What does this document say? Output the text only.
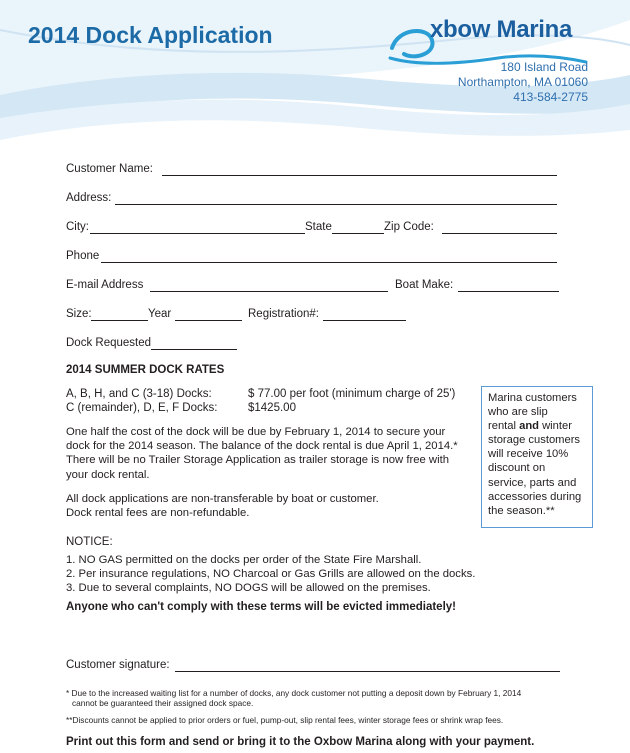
2014 Dock Application	xbow Marina
180 Island Road
Northampton, MA 01060
413-584-2775
Customer Name:
Address:
City:	State	Zip Code:
Phone
E-mail Address	Boat Make:
Size:	Year	Registration#:
Dock Requested
2014 SUMMER DOCK RATES
A, B, H, and C (3-18) Docks:	$ 77.00 per foot (minimum charge of 25')
C (remainder), D, E, F Docks:	$1425.00
One half the cost of the dock will be due by February 1, 2014 to secure your
dock for the 2014 season. The balance of the dock rental is due April 1, 2014.*
There will be no Trailer Storage Application as trailer storage is now free with
your dock rental.
All dock applications are non-transferable by boat or customer.
Dock rental fees are non-refundable.
Marina customers
who are slip
rental and winter
storage customers
will receive 10%
discount on
service, parts and
accessories during
the season.**
NOTICE:
1. NO GAS permitted on the docks per order of the State Fire Marshall.
2. Per insurance regulations, NO Charcoal or Gas Grills are allowed on the docks.
3. Due to several complaints, NO DOGS will be allowed on the premises.
Anyone who can't comply with these terms will be evicted immediately!
Customer signature:
* Due to the increased waiting list for a number of docks, any dock customer not putting a deposit down by February 1, 2014
cannot be guaranteed their assigned dock space.
**Discounts cannot be applied to prior orders or fuel, pump-out, slip rental fees, winter storage fees or shrink wrap fees.
Print out this form and send or bring it to the Oxbow Marina along with your payment.
